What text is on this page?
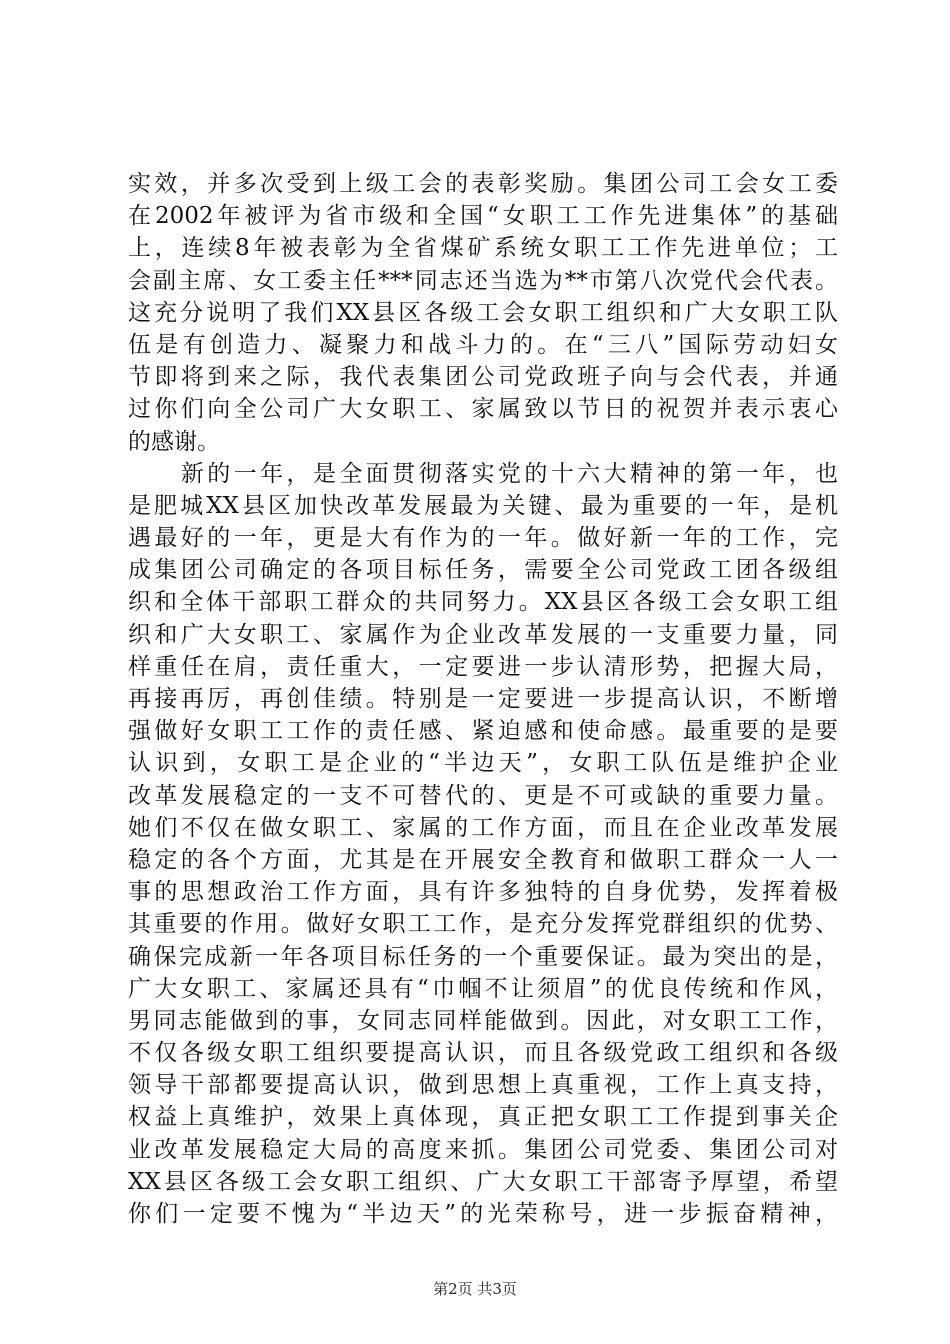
实效，并多次受到上级工会的表彰奖励。集团公司工会女工委
在2002年被评为省市级和全国“女职工工作先进集体”的基础
上，连续8年被表彰为全省煤矿系统女职工工作先进单位；工
会副主席、女工委主任***同志还当选为**市第八次党代会代表。
这充分说明了我们XX县区各级工会女职工组织和广大女职工队
伍是有创造力、凝聚力和战斗力的。在“三八”国际劳动妇女
节即将到来之际，我代表集团公司党政班子向与会代表，并通
过你们向全公司广大女职工、家属致以节日的祝贺并表示衷心
的感谢。
　　新的一年，是全面贯彻落实党的十六大精神的第一年，也
是肥城XX县区加快改革发展最为关键、最为重要的一年，是机
遇最好的一年，更是大有作为的一年。做好新一年的工作，完
成集团公司确定的各项目标任务，需要全公司党政工团各级组
织和全体干部职工群众的共同努力。XX县区各级工会女职工组
织和广大女职工、家属作为企业改革发展的一支重要力量，同
样重任在肩，责任重大，一定要进一步认清形势，把握大局，
再接再厉，再创佳绩。特别是一定要进一步提高认识，不断增
强做好女职工工作的责任感、紧迫感和使命感。最重要的是要
认识到，女职工是企业的“半边天”，女职工队伍是维护企业
改革发展稳定的一支不可替代的、更是不可或缺的重要力量。
她们不仅在做女职工、家属的工作方面，而且在企业改革发展
稳定的各个方面，尤其是在开展安全教育和做职工群众一人一
事的思想政治工作方面，具有许多独特的自身优势，发挥着极
其重要的作用。做好女职工工作，是充分发挥党群组织的优势、
确保完成新一年各项目标任务的一个重要保证。最为突出的是，
广大女职工、家属还具有“巾帼不让须眉”的优良传统和作风，
男同志能做到的事，女同志同样能做到。因此，对女职工工作，
不仅各级女职工组织要提高认识，而且各级党政工组织和各级
领导干部都要提高认识，做到思想上真重视，工作上真支持，
权益上真维护，效果上真体现，真正把女职工工作提到事关企
业改革发展稳定大局的高度来抓。集团公司党委、集团公司对
XX县区各级工会女职工组织、广大女职工干部寄予厚望，希望
你们一定要不愧为“半边天”的光荣称号，进一步振奋精神，
第2页 共3页
